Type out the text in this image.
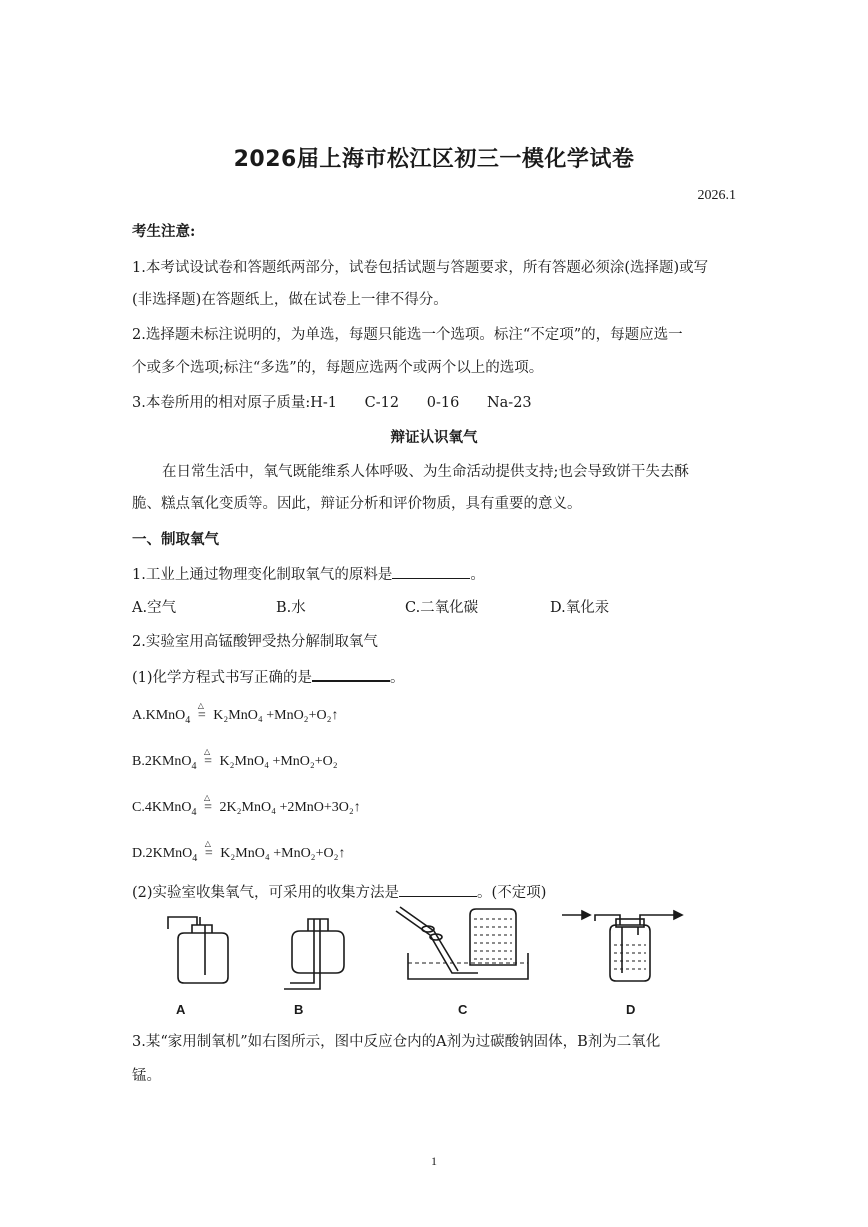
2026届上海市松江区初三一模化学试卷
2026.1
考生注意:
1.本考试设试卷和答题纸两部分，试卷包括试题与答题要求，所有答题必须涂(选择题)或写
(非选择题)在答题纸上，做在试卷上一律不得分。
2.选择题未标注说明的，为单选，每题只能选一个选项。标注“不定项”的，每题应选一
个或多个选项;标注“多选”的，每题应选两个或两个以上的选项。
3.本卷所用的相对原子质量:H-1      C-12      0-16      Na-23
辩证认识氧气
在日常生活中，氧气既能维系人体呼吸、为生命活动提供支持;也会导致饼干失去酥
脆、糕点氧化变质等。因此，辩证分析和评价物质，具有重要的意义。
一、制取氧气
1.工业上通过物理变化制取氧气的原料是	。
A.空气	B.水	C.二氧化碳	D.氧化汞
2.实验室用高锰酸钾受热分解制取氧气
(1)化学方程式书写正确的是	。
A.KMnO$_4$
△
= K₂MnO₄ +MnO₂+O₂↑
B.2KMnO$_4$
△
= K₂MnO₄ +MnO₂+O₂
C.4KMnO$_4$
△
= 2K₂MnO₄ +2MnO+3O₂↑
D.2KMnO$_4$
△
= K₂MnO₄ +MnO₂+O₂↑
(2)实验室收集氧气，可采用的收集方法是	。(不定项)
A	B	C	D
3.某“家用制氧机”如右图所示，图中反应仓内的A剂为过碳酸钠固体，B剂为二氧化
锰。
1
